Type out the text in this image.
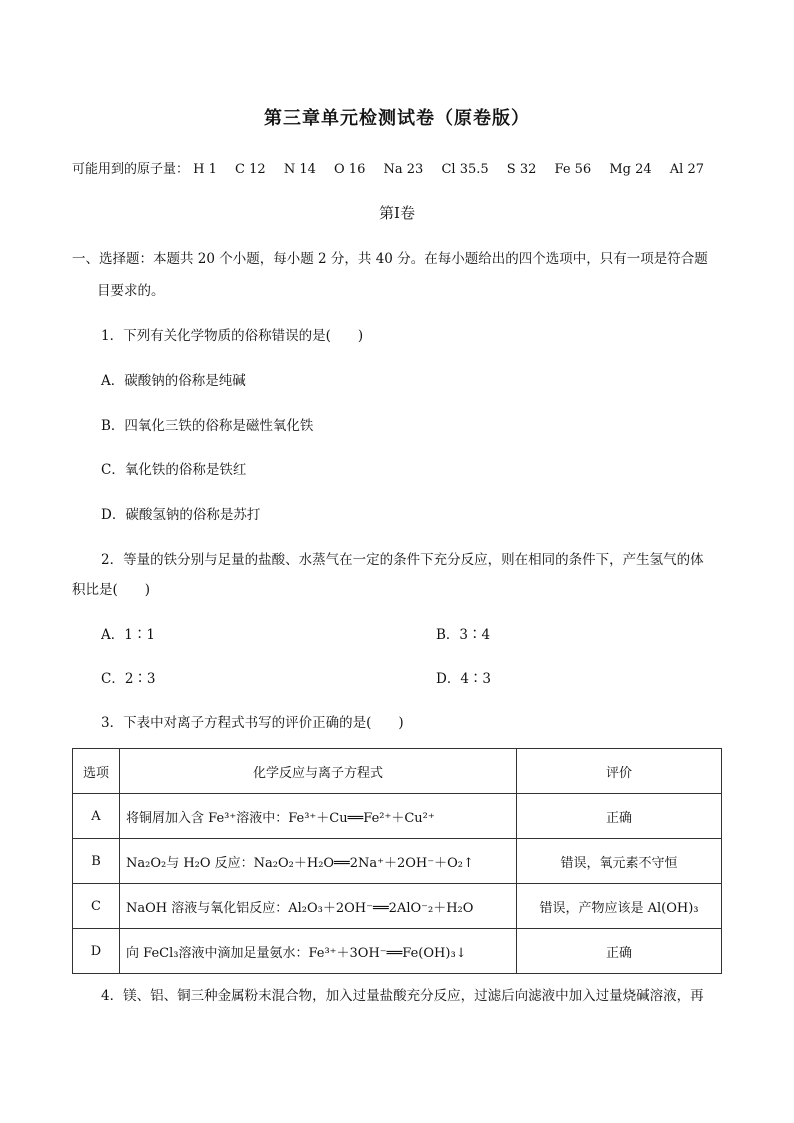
第三章单元检测试卷（原卷版）
可能用到的原子量： H 1 C 12 N 14 O 16 Na 23 Cl 35.5 S 32 Fe 56 Mg 24 Al 27
第Ⅰ卷
一、选择题：本题共 20 个小题，每小题 2 分，共 40 分。在每小题给出的四个选项中，只有一项是符合题
目要求的。
1．下列有关化学物质的俗称错误的是(　　)
A．碳酸钠的俗称是纯碱
B．四氧化三铁的俗称是磁性氧化铁
C．氧化铁的俗称是铁红
D．碳酸氢钠的俗称是苏打
2．等量的铁分别与足量的盐酸、水蒸气在一定的条件下充分反应，则在相同的条件下，产生氢气的体
积比是(　　)
A．1∶1	B．3∶4
C．2∶3	D．4∶3
3．下表中对离子方程式书写的评价正确的是(　　)
选项	化学反应与离子方程式	评价
A	将铜屑加入含 Fe³⁺溶液中：Fe³⁺＋Cu══Fe²⁺＋Cu²⁺	正确
B	Na₂O₂与 H₂O 反应：Na₂O₂＋H₂O══2Na⁺＋2OH⁻＋O₂↑	错误，氧元素不守恒
C	NaOH 溶液与氧化铝反应：Al₂O₃＋2OH⁻══2AlO⁻₂＋H₂O	错误，产物应该是 Al(OH)₃
D	向 FeCl₃溶液中滴加足量氨水：Fe³⁺＋3OH⁻══Fe(OH)₃↓	正确
4．镁、铝、铜三种金属粉末混合物，加入过量盐酸充分反应，过滤后向滤液中加入过量烧碱溶液，再
